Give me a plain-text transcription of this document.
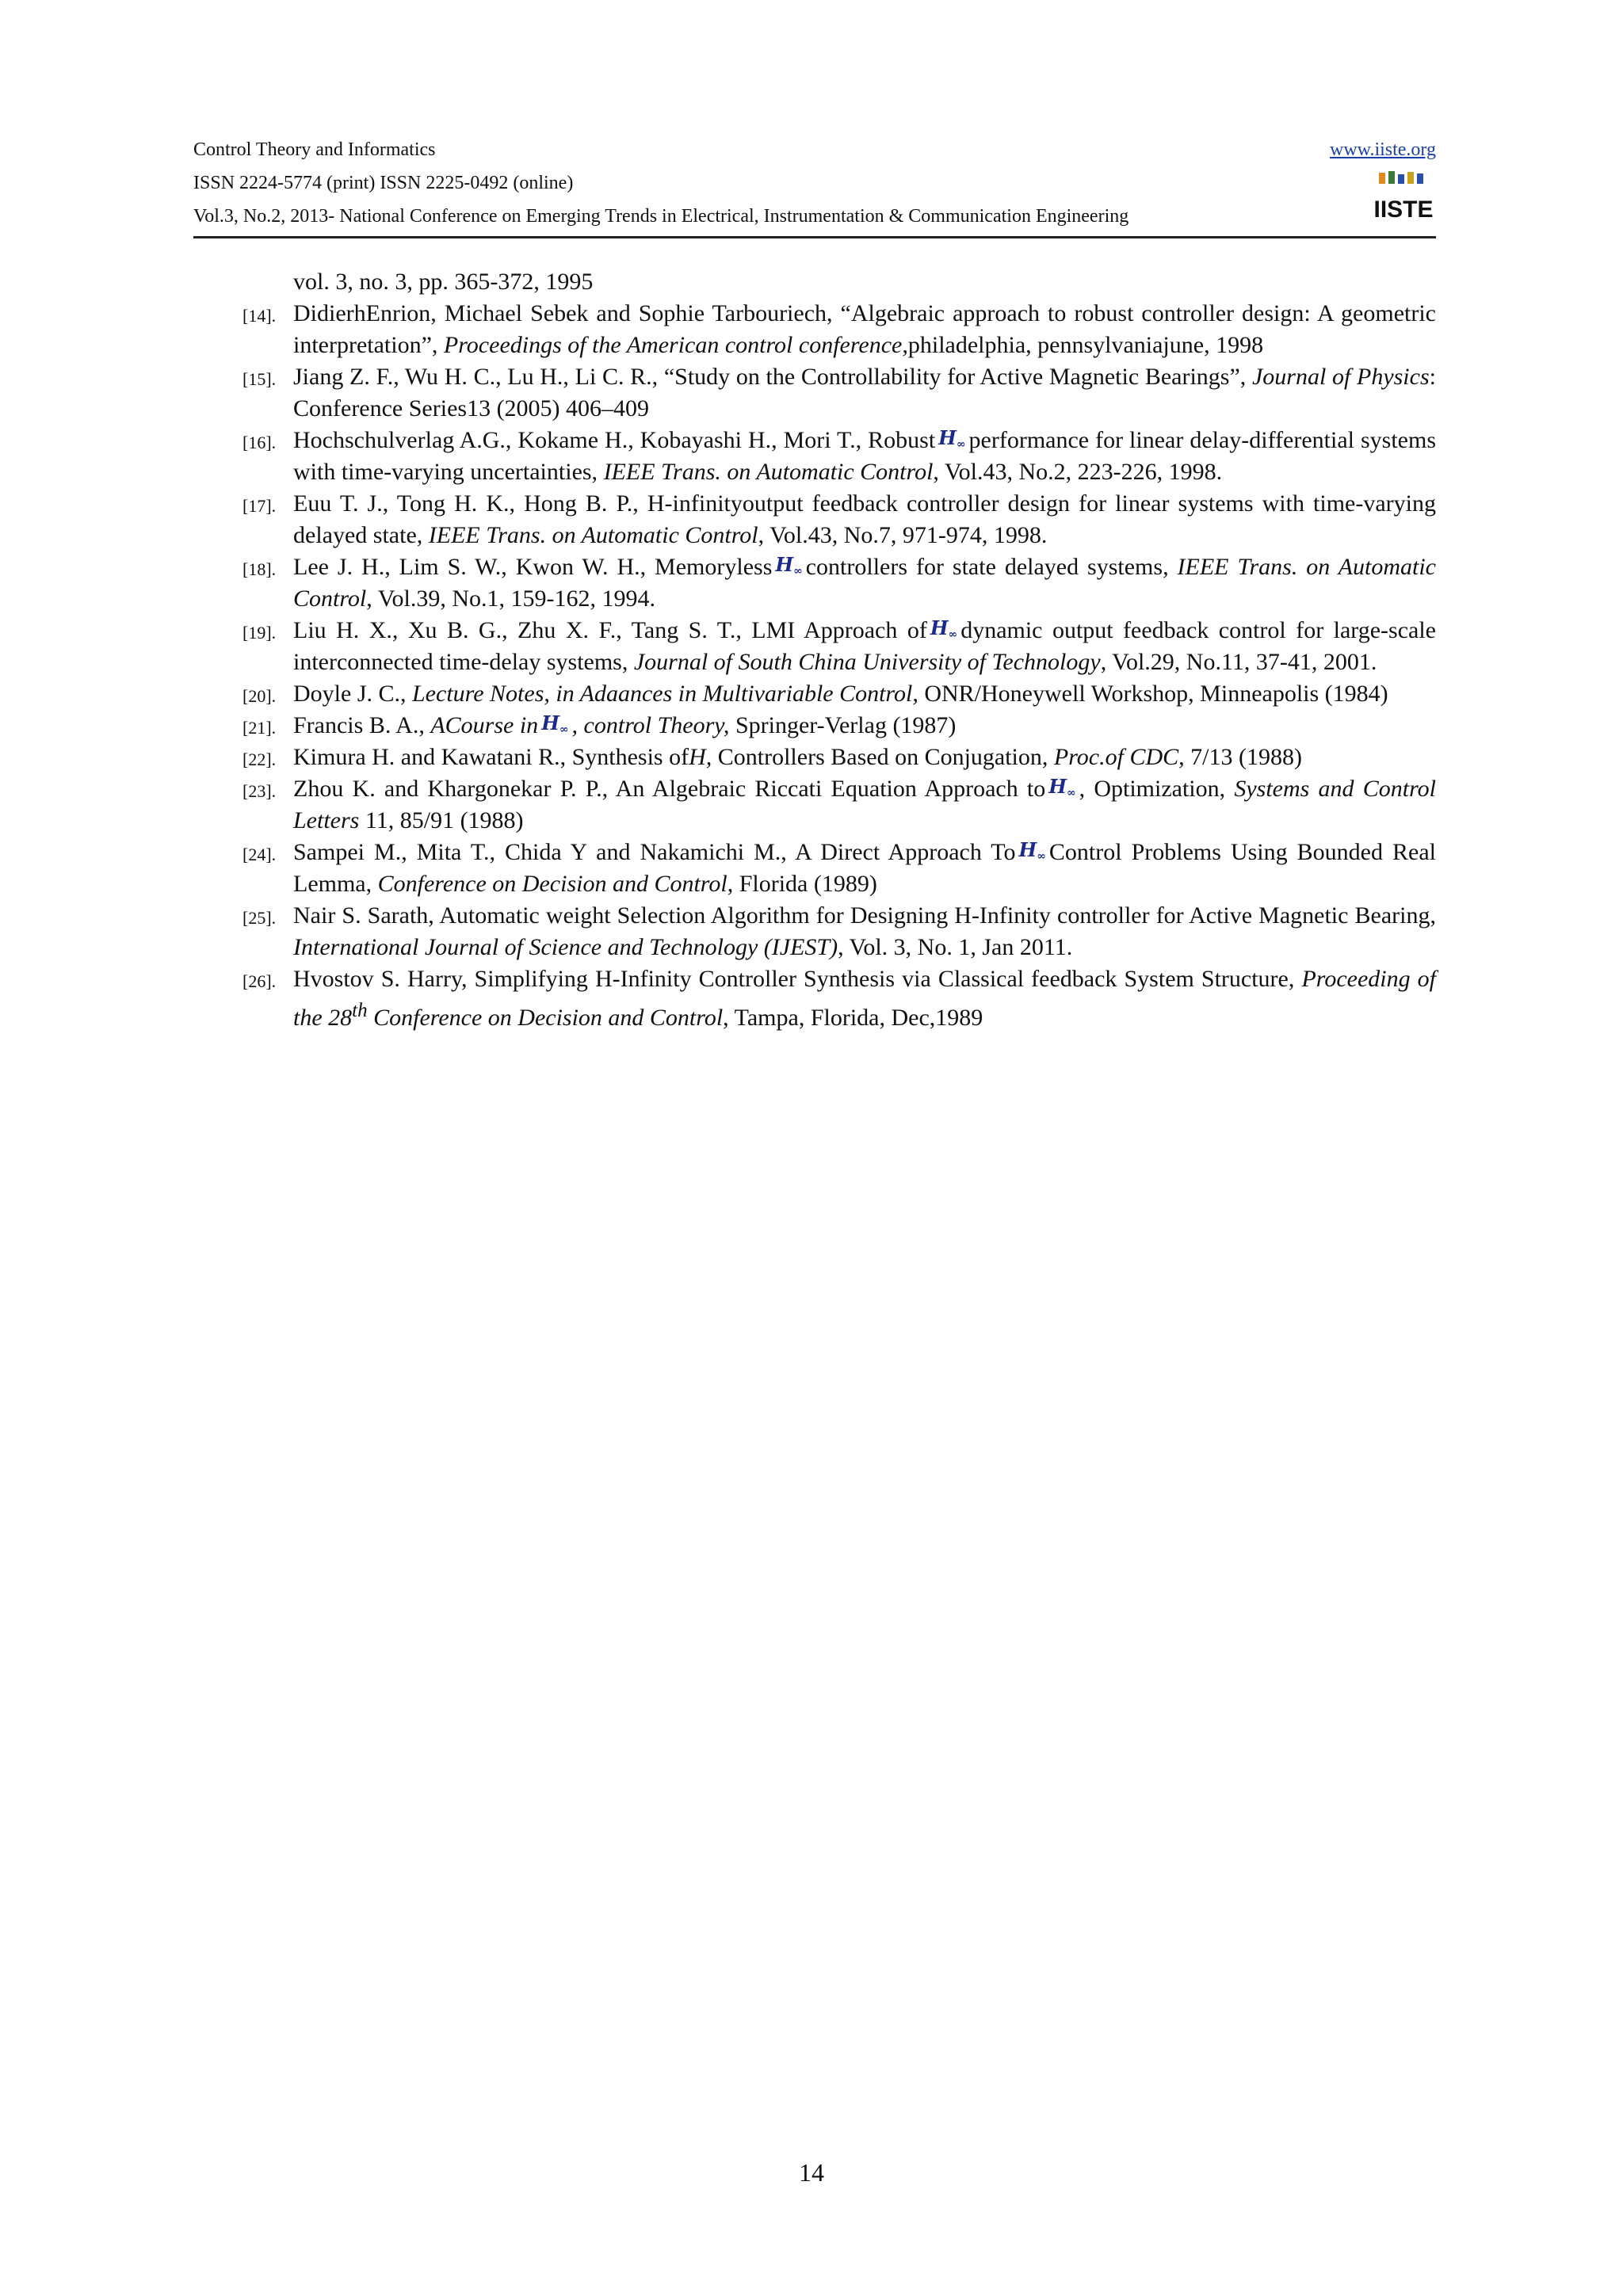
Control Theory and Informatics
ISSN 2224-5774 (print) ISSN 2225-0492 (online)
Vol.3, No.2, 2013- National Conference on Emerging Trends in Electrical, Instrumentation & Communication Engineering
www.iiste.org
IISTE
vol. 3, no. 3, pp. 365-372, 1995
[14]. DidierhEnrion, Michael Sebek and Sophie Tarbouriech, “Algebraic approach to robust controller design: A geometric interpretation”, Proceedings of the American control conference,philadelphia, pennsylvaniajune, 1998
[15]. Jiang Z. F., Wu H. C., Lu H., Li C. R., “Study on the Controllability for Active Magnetic Bearings”, Journal of Physics: Conference Series13 (2005) 406–409
[16]. Hochschulverlag A.G., Kokame H., Kobayashi H., Mori T., Robust $H_\infty$ performance for linear delay-differential systems with time-varying uncertainties, IEEE Trans. on Automatic Control, Vol.43, No.2, 223-226, 1998.
[17]. Euu T. J., Tong H. K., Hong B. P., H-infinityoutput feedback controller design for linear systems with time-varying delayed state, IEEE Trans. on Automatic Control, Vol.43, No.7, 971-974, 1998.
[18]. Lee J. H., Lim S. W., Kwon W. H., Memoryless $H_\infty$ controllers for state delayed systems, IEEE Trans. on Automatic Control, Vol.39, No.1, 159-162, 1994.
[19]. Liu H. X., Xu B. G., Zhu X. F., Tang S. T., LMI Approach of $H_\infty$ dynamic output feedback control for large-scale interconnected time-delay systems, Journal of South China University of Technology, Vol.29, No.11, 37-41, 2001.
[20]. Doyle J. C., Lecture Notes, in Adaances in Multivariable Control, ONR/Honeywell Workshop, Minneapolis (1984)
[21]. Francis B. A., ACourse in $H_\infty$ , control Theory, Springer-Verlag (1987)
[22]. Kimura H. and Kawatani R., Synthesis ofH, Controllers Based on Conjugation, Proc.of CDC, 7/13 (1988)
[23]. Zhou K. and Khargonekar P. P., An Algebraic Riccati Equation Approach to $H_\infty$ , Optimization, Systems and Control Letters 11, 85/91 (1988)
[24]. Sampei M., Mita T., Chida Y and Nakamichi M., A Direct Approach To $H_\infty$ Control Problems Using Bounded Real Lemma, Conference on Decision and Control, Florida (1989)
[25]. Nair S. Sarath, Automatic weight Selection Algorithm for Designing H-Infinity controller for Active Magnetic Bearing, International Journal of Science and Technology (IJEST), Vol. 3, No. 1, Jan 2011.
[26]. Hvostov S. Harry, Simplifying H-Infinity Controller Synthesis via Classical feedback System Structure, Proceeding of the 28th Conference on Decision and Control, Tampa, Florida, Dec,1989
14
